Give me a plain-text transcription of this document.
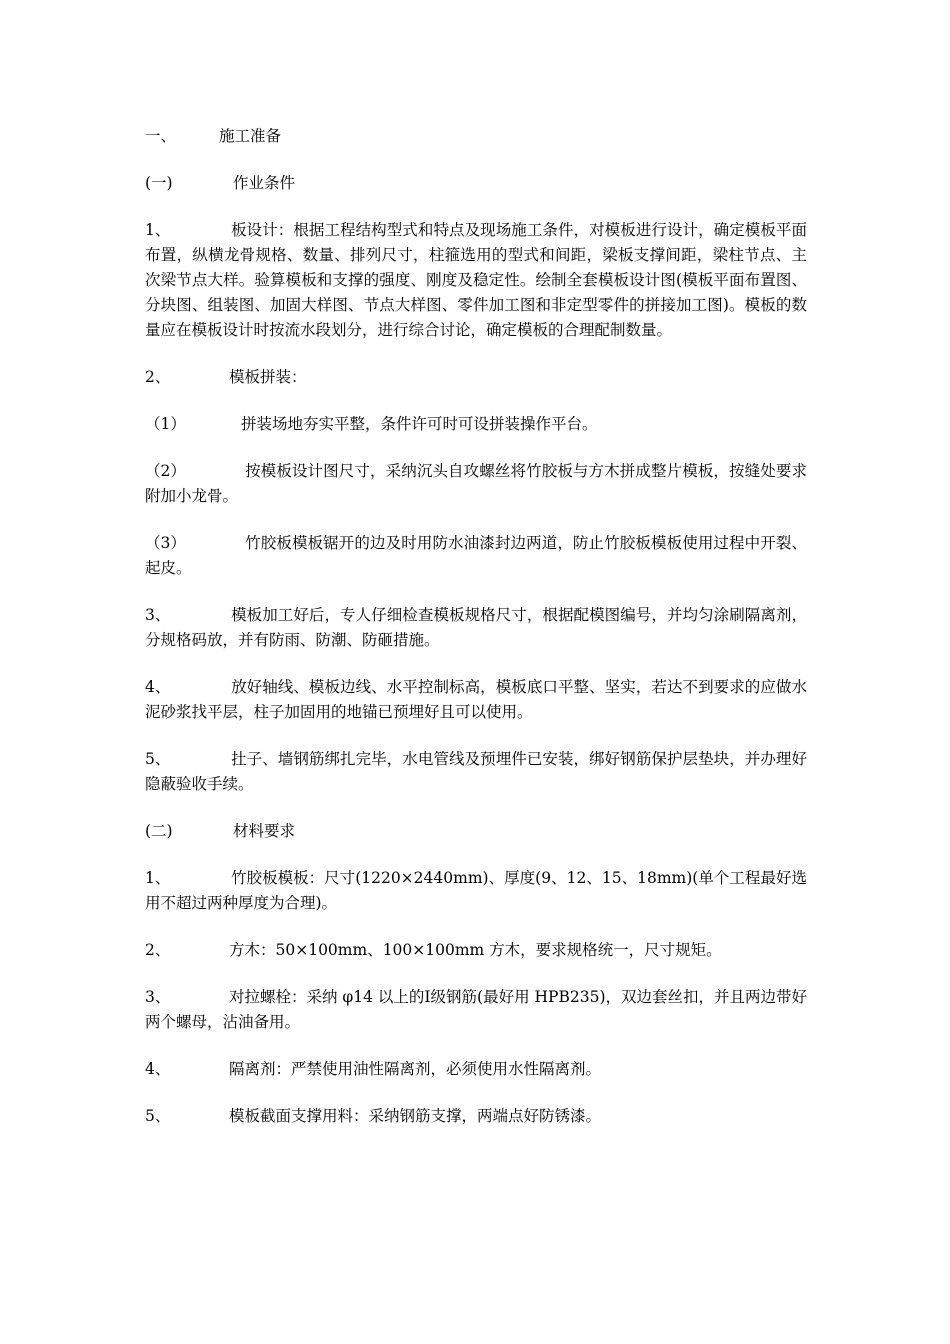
一、	施工准备

(一)	作业条件

1、	板设计：根据工程结构型式和特点及现场施工条件，对模板进行设计，确定模板平面布置，纵横龙骨规格、数量、排列尺寸，柱箍选用的型式和间距，梁板支撑间距，梁柱节点、主次梁节点大样。验算模板和支撑的强度、刚度及稳定性。绘制全套模板设计图(模板平面布置图、分块图、组装图、加固大样图、节点大样图、零件加工图和非定型零件的拼接加工图)。模板的数量应在模板设计时按流水段划分，进行综合讨论，确定模板的合理配制数量。

2、	模板拼装：

（1）	拼装场地夯实平整，条件许可时可设拼装操作平台。

（2）	按模板设计图尺寸，采纳沉头自攻螺丝将竹胶板与方木拼成整片模板，按缝处要求附加小龙骨。

（3）	竹胶板模板锯开的边及时用防水油漆封边两道，防止竹胶板模板使用过程中开裂、起皮。

3、	模板加工好后，专人仔细检查模板规格尺寸，根据配模图编号，并均匀涂刷隔离剂，分规格码放，并有防雨、防潮、防砸措施。

4、	放好轴线、模板边线、水平控制标高，模板底口平整、坚实，若达不到要求的应做水泥砂浆找平层，柱子加固用的地锚已预埋好且可以使用。

5、	扗子、墙钢筋绑扎完毕，水电管线及预埋件已安装，绑好钢筋保护层垫块，并办理好隐蔽验收手续。

(二)	材料要求

1、	竹胶板模板：尺寸(1220×2440mm)、厚度(9、12、15、18mm)(单个工程最好选用不超过两种厚度为合理)。

2、	方木：50×100mm、100×100mm 方木，要求规格统一，尺寸规矩。

3、	对拉螺栓：采纳 φ14 以上的Ⅰ级钢筋(最好用 HPB235)，双边套丝扣，并且两边带好两个螺母，沾油备用。

4、	隔离剂：严禁使用油性隔离剂，必须使用水性隔离剂。

5、	模板截面支撑用料：采纳钢筋支撑，两端点好防锈漆。
